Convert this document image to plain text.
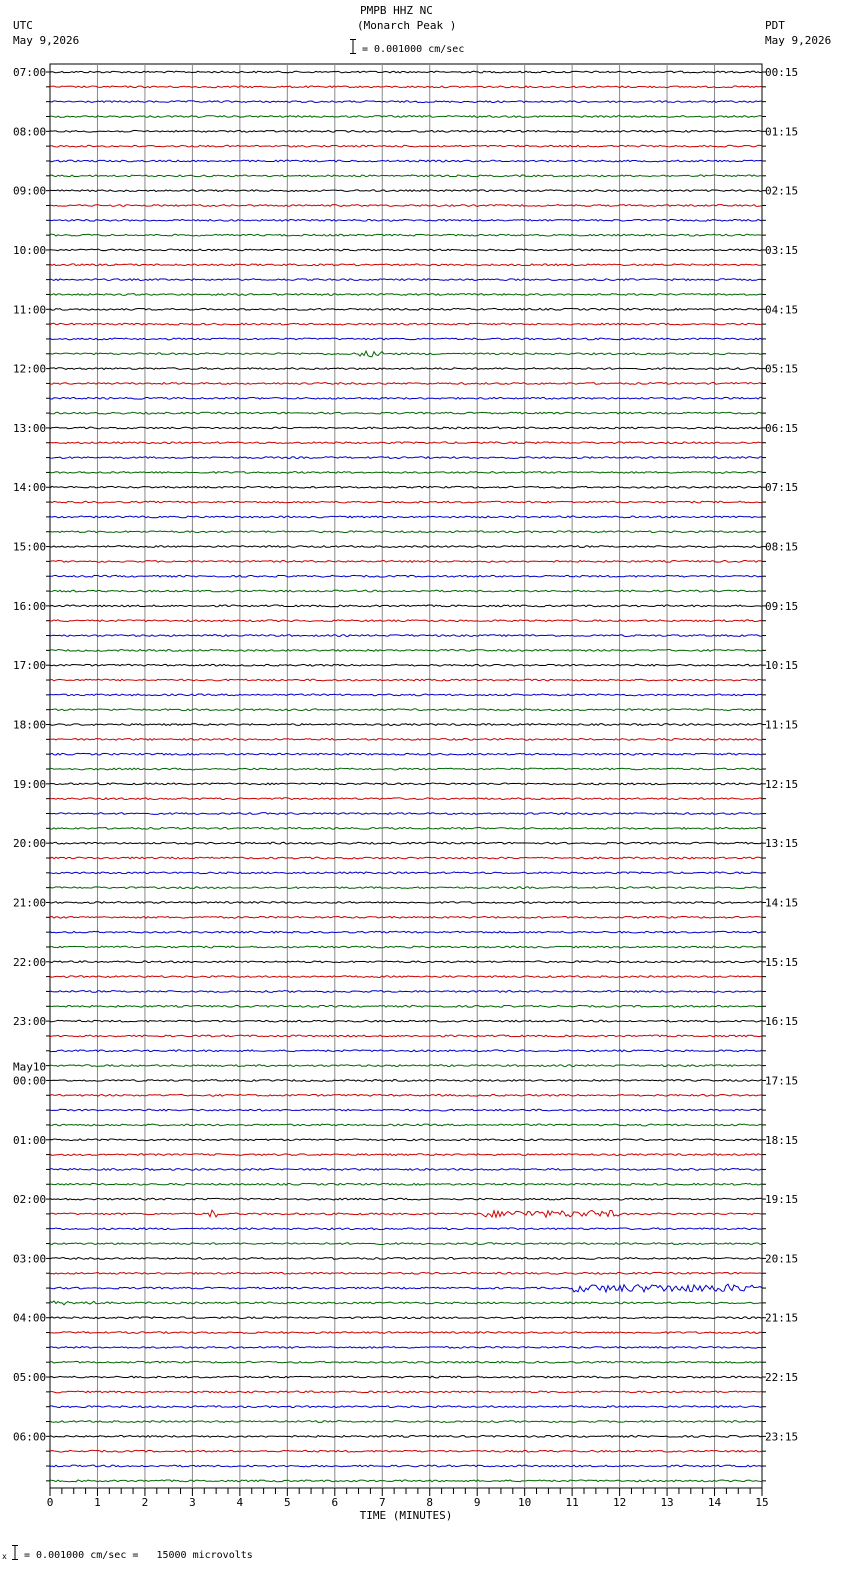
07:00	00:15
08:00	01:15
09:00	02:15
10:00	03:15
11:00	04:15
12:00	05:15
13:00	06:15
14:00	07:15
15:00	08:15
16:00	09:15
17:00	10:15
18:00	11:15
19:00	12:15
20:00	13:15
21:00	14:15
22:00	15:15
23:00	16:15
00:00	17:15
01:00	18:15
02:00	19:15
03:00	20:15
04:00	21:15
05:00	22:15
06:00	23:15
May10
0	1	2	3	4	5	6	7	8	9	10	11	12	13	14	15
TIME (MINUTES)
PMPB HHZ NC
(Monarch Peak )
= 0.001000 cm/sec
UTC
May 9,2026
PDT
May 9,2026
x = 0.001000 cm/sec =   15000 microvolts
